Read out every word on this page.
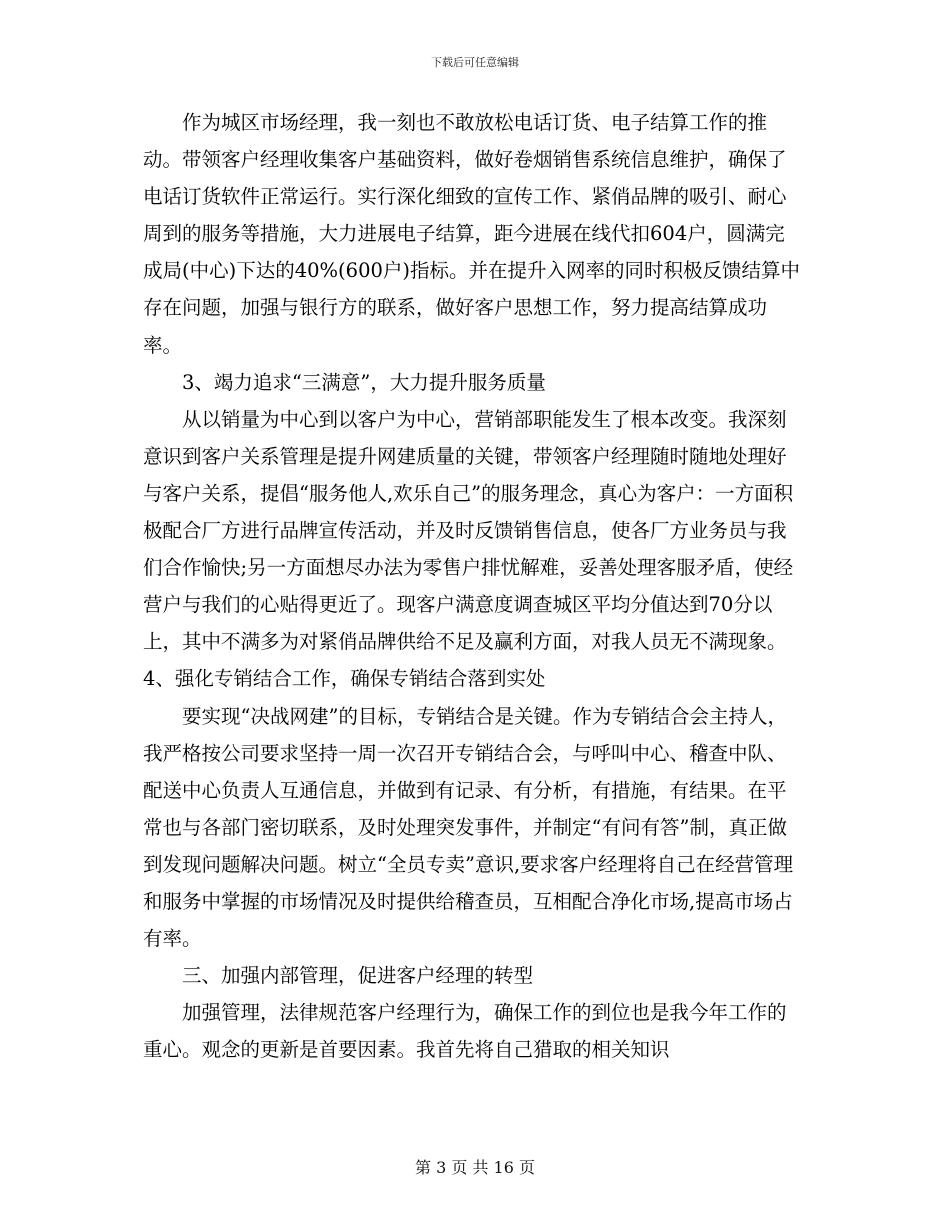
下载后可任意编辑

作为城区市场经理，我一刻也不敢放松电话订货、电子结算工作的推动。带领客户经理收集客户基础资料，做好卷烟销售系统信息维护，确保了电话订货软件正常运行。实行深化细致的宣传工作、紧俏品牌的吸引、耐心周到的服务等措施，大力进展电子结算，距今进展在线代扣604户，圆满完成局(中心)下达的40%(600户)指标。并在提升入网率的同时积极反馈结算中存在问题，加强与银行方的联系，做好客户思想工作，努力提高结算成功率。

3、竭力追求“三满意”，大力提升服务质量

从以销量为中心到以客户为中心，营销部职能发生了根本改变。我深刻意识到客户关系管理是提升网建质量的关键，带领客户经理随时随地处理好与客户关系，提倡“服务他人,欢乐自己”的服务理念，真心为客户：一方面积极配合厂方进行品牌宣传活动，并及时反馈销售信息，使各厂方业务员与我们合作愉快;另一方面想尽办法为零售户排忧解难，妥善处理客服矛盾，使经营户与我们的心贴得更近了。现客户满意度调查城区平均分值达到70分以上，其中不满多为对紧俏品牌供给不足及赢利方面，对我人员无不满现象。4、强化专销结合工作，确保专销结合落到实处

要实现“决战网建”的目标，专销结合是关键。作为专销结合会主持人，我严格按公司要求坚持一周一次召开专销结合会，与呼叫中心、稽查中队、配送中心负责人互通信息，并做到有记录、有分析，有措施，有结果。在平常也与各部门密切联系，及时处理突发事件，并制定“有问有答”制，真正做到发现问题解决问题。树立“全员专卖”意识,要求客户经理将自己在经营管理和服务中掌握的市场情况及时提供给稽查员，互相配合净化市场,提高市场占有率。

三、加强内部管理，促进客户经理的转型

加强管理，法律规范客户经理行为，确保工作的到位也是我今年工作的重心。观念的更新是首要因素。我首先将自己猎取的相关知识

第 3 页 共 16 页
